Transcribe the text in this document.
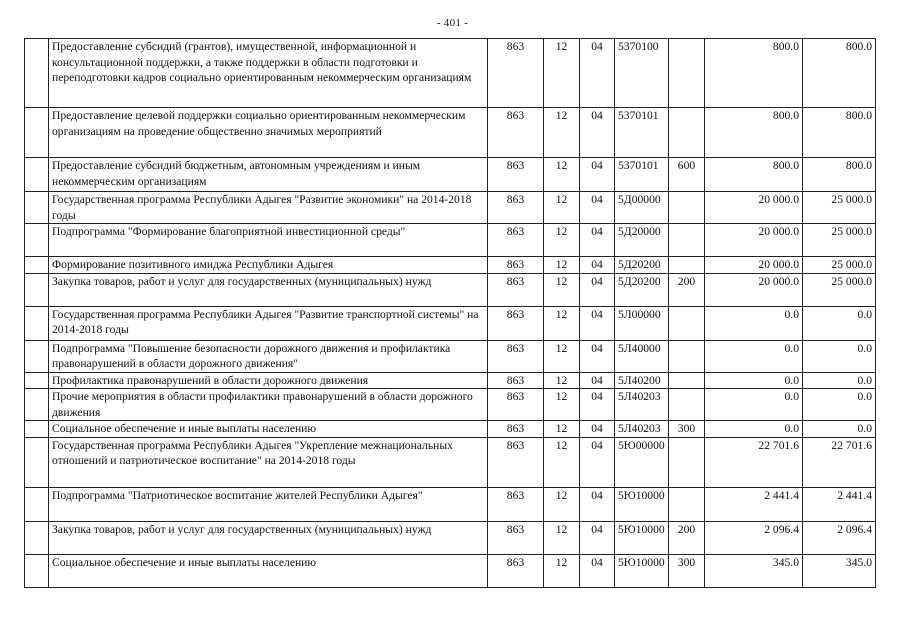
- 401 -
	Предоставление субсидий (грантов), имущественной, информационной и консультационной поддержки, а также поддержки в области подготовки и переподготовки кадров социально ориентированным некоммерческим организациям	863	12	04	5370100		800.0	800.0
	Предоставление целевой поддержки социально ориентированным некоммерческим организациям на проведение общественно значимых мероприятий	863	12	04	5370101		800.0	800.0
	Предоставление субсидий бюджетным, автономным учреждениям и иным некоммерческим организациям	863	12	04	5370101	600	800.0	800.0
	Государственная программа Республики Адыгея "Развитие экономики" на 2014-2018 годы	863	12	04	5Д00000		20 000.0	25 000.0
	Подпрограмма "Формирование благоприятной инвестиционной среды"	863	12	04	5Д20000		20 000.0	25 000.0
	Формирование позитивного имиджа Республики Адыгея	863	12	04	5Д20200		20 000.0	25 000.0
	Закупка товаров, работ и услуг для государственных (муниципальных) нужд	863	12	04	5Д20200	200	20 000.0	25 000.0
	Государственная программа Республики Адыгея "Развитие транспортной системы" на 2014-2018 годы	863	12	04	5Л00000		0.0	0.0
	Подпрограмма "Повышение безопасности дорожного движения и профилактика правонарушений в области дорожного движения"	863	12	04	5Л40000		0.0	0.0
	Профилактика правонарушений в области дорожного движения	863	12	04	5Л40200		0.0	0.0
	Прочие мероприятия в области профилактики правонарушений в области дорожного движения	863	12	04	5Л40203		0.0	0.0
	Социальное обеспечение и иные выплаты населению	863	12	04	5Л40203	300	0.0	0.0
	Государственная программа Республики Адыгея "Укрепление межнациональных отношений и патриотическое воспитание" на 2014-2018 годы	863	12	04	5Ю00000		22 701.6	22 701.6
	Подпрограмма "Патриотическое воспитание жителей Республики Адыгея"	863	12	04	5Ю10000		2 441.4	2 441.4
	Закупка товаров, работ и услуг для государственных (муниципальных) нужд	863	12	04	5Ю10000	200	2 096.4	2 096.4
	Социальное обеспечение и иные выплаты населению	863	12	04	5Ю10000	300	345.0	345.0
